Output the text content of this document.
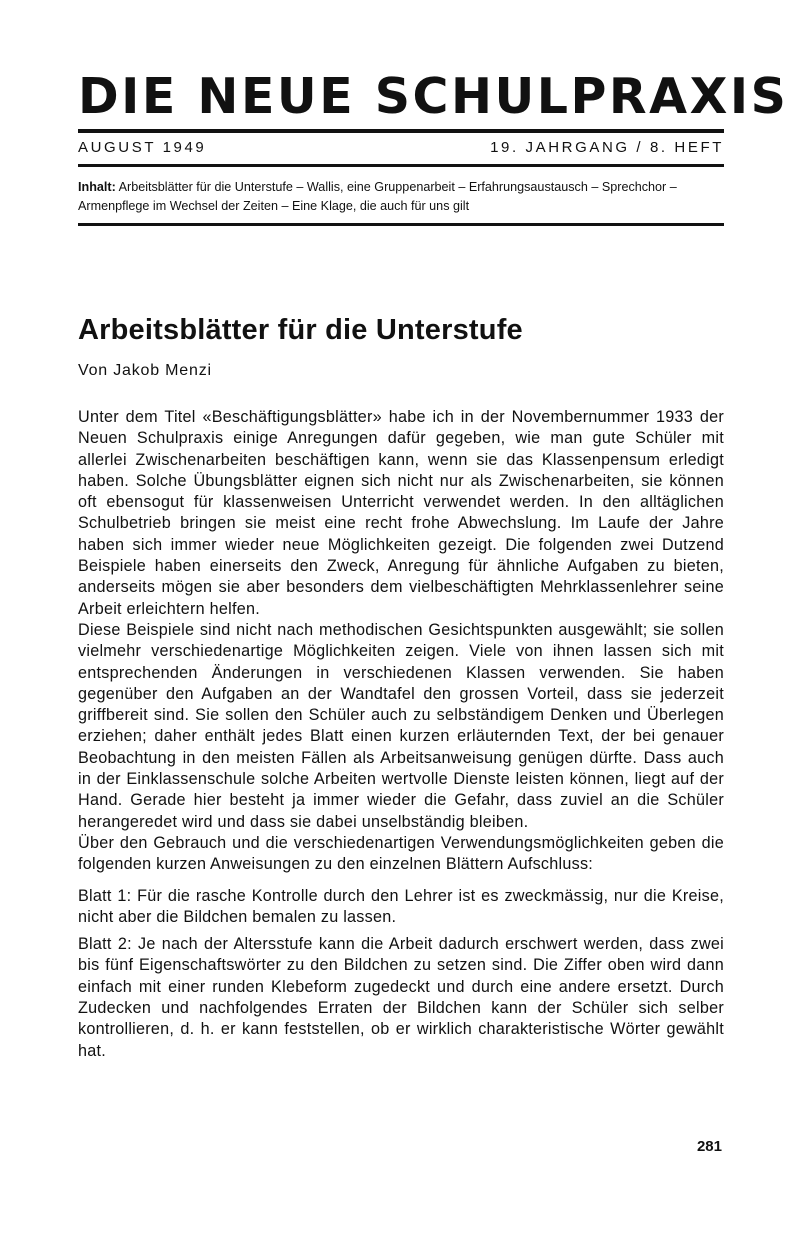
DIE NEUE SCHULPRAXIS
AUGUST 1949	19. JAHRGANG / 8. HEFT
Inhalt: Arbeitsblätter für die Unterstufe – Wallis, eine Gruppenarbeit – Erfahrungsaustausch – Sprechchor – Armenpflege im Wechsel der Zeiten – Eine Klage, die auch für uns gilt
Arbeitsblätter für die Unterstufe
Von Jakob Menzi

Unter dem Titel «Beschäftigungsblätter» habe ich in der Novembernummer 1933 der Neuen Schulpraxis einige Anregungen dafür gegeben, wie man gute Schüler mit allerlei Zwischenarbeiten beschäftigen kann, wenn sie das Klassenpensum erledigt haben. Solche Übungsblätter eignen sich nicht nur als Zwischenarbeiten, sie können oft ebensogut für klassenweisen Unterricht verwendet werden. In den alltäglichen Schulbetrieb bringen sie meist eine recht frohe Abwechslung. Im Laufe der Jahre haben sich immer wieder neue Möglichkeiten gezeigt. Die folgenden zwei Dutzend Beispiele haben einerseits den Zweck, Anregung für ähnliche Aufgaben zu bieten, anderseits mögen sie aber besonders dem vielbeschäftigten Mehrklassenlehrer seine Arbeit erleichtern helfen.

Diese Beispiele sind nicht nach methodischen Gesichtspunkten ausgewählt; sie sollen vielmehr verschiedenartige Möglichkeiten zeigen. Viele von ihnen lassen sich mit entsprechenden Änderungen in verschiedenen Klassen verwenden. Sie haben gegenüber den Aufgaben an der Wandtafel den grossen Vorteil, dass sie jederzeit griffbereit sind. Sie sollen den Schüler auch zu selbständigem Denken und Überlegen erziehen; daher enthält jedes Blatt einen kurzen erläuternden Text, der bei genauer Beobachtung in den meisten Fällen als Arbeitsanweisung genügen dürfte. Dass auch in der Einklassenschule solche Arbeiten wertvolle Dienste leisten können, liegt auf der Hand. Gerade hier besteht ja immer wieder die Gefahr, dass zuviel an die Schüler herangeredet wird und dass sie dabei unselbständig bleiben.

Über den Gebrauch und die verschiedenartigen Verwendungsmöglichkeiten geben die folgenden kurzen Anweisungen zu den einzelnen Blättern Aufschluss:

Blatt 1: Für die rasche Kontrolle durch den Lehrer ist es zweckmässig, nur die Kreise, nicht aber die Bildchen bemalen zu lassen.

Blatt 2: Je nach der Altersstufe kann die Arbeit dadurch erschwert werden, dass zwei bis fünf Eigenschaftswörter zu den Bildchen zu setzen sind. Die Ziffer oben wird dann einfach mit einer runden Klebeform zugedeckt und durch eine andere ersetzt. Durch Zudecken und nachfolgendes Erraten der Bildchen kann der Schüler sich selber kontrollieren, d. h. er kann feststellen, ob er wirklich charakteristische Wörter gewählt hat.

281
